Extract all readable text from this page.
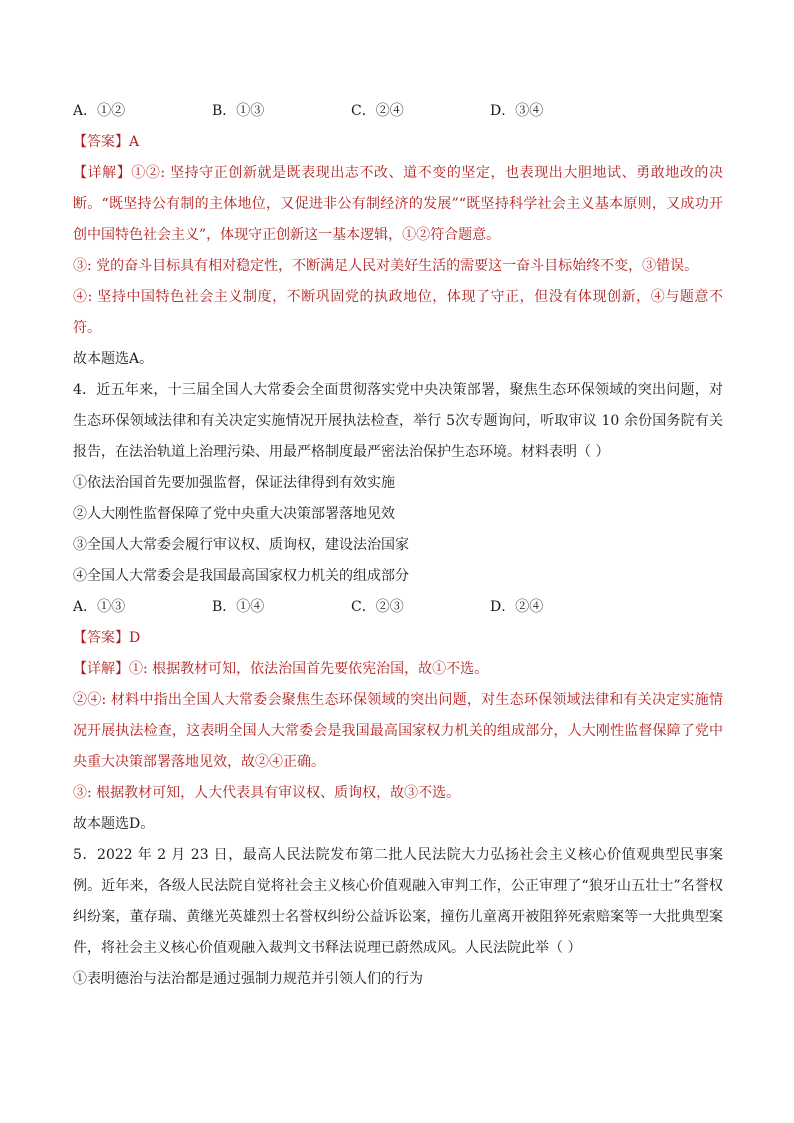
A．①②	B．①③	C．②④	D．③④
【答案】A
【详解】①②: 坚持守正创新就是既表现出志不改、道不变的坚定，也表现出大胆地试、勇敢地改的决断。“既坚持公有制的主体地位，又促进非公有制经济的发展”“既坚持科学社会主义基本原则，又成功开创中国特色社会主义”，体现守正创新这一基本逻辑，①②符合题意。
③: 党的奋斗目标具有相对稳定性，不断满足人民对美好生活的需要这一奋斗目标始终不变，③错误。
④: 坚持中国特色社会主义制度，不断巩固党的执政地位，体现了守正，但没有体现创新，④与题意不符。
故本题选A。
4．近五年来，十三届全国人大常委会全面贯彻落实党中央决策部署，聚焦生态环保领域的突出问题，对生态环保领域法律和有关决定实施情况开展执法检查，举行 5次专题询问，听取审议 10 余份国务院有关报告，在法治轨道上治理污染、用最严格制度最严密法治保护生态环境。材料表明（ ）
①依法治国首先要加强监督，保证法律得到有效实施
②人大刚性监督保障了党中央重大决策部署落地见效
③全国人大常委会履行审议权、质询权，建设法治国家
④全国人大常委会是我国最高国家权力机关的组成部分
A．①③	B．①④	C．②③	D．②④
【答案】D
【详解】①: 根据教材可知，依法治国首先要依宪治国，故①不选。
②④: 材料中指出全国人大常委会聚焦生态环保领域的突出问题，对生态环保领域法律和有关决定实施情况开展执法检查，这表明全国人大常委会是我国最高国家权力机关的组成部分，人大刚性监督保障了党中央重大决策部署落地见效，故②④正确。
③: 根据教材可知，人大代表具有审议权、质询权，故③不选。
故本题选D。
5．2022 年 2 月 23 日，最高人民法院发布第二批人民法院大力弘扬社会主义核心价值观典型民事案例。近年来，各级人民法院自觉将社会主义核心价值观融入审判工作，公正审理了“狼牙山五壮士”名誉权纠纷案，董存瑞、黄继光英雄烈士名誉权纠纷公益诉讼案，撞伤儿童离开被阻猝死索赔案等一大批典型案件，将社会主义核心价值观融入裁判文书释法说理已蔚然成风。人民法院此举（ ）
①表明德治与法治都是通过强制力规范并引领人们的行为
